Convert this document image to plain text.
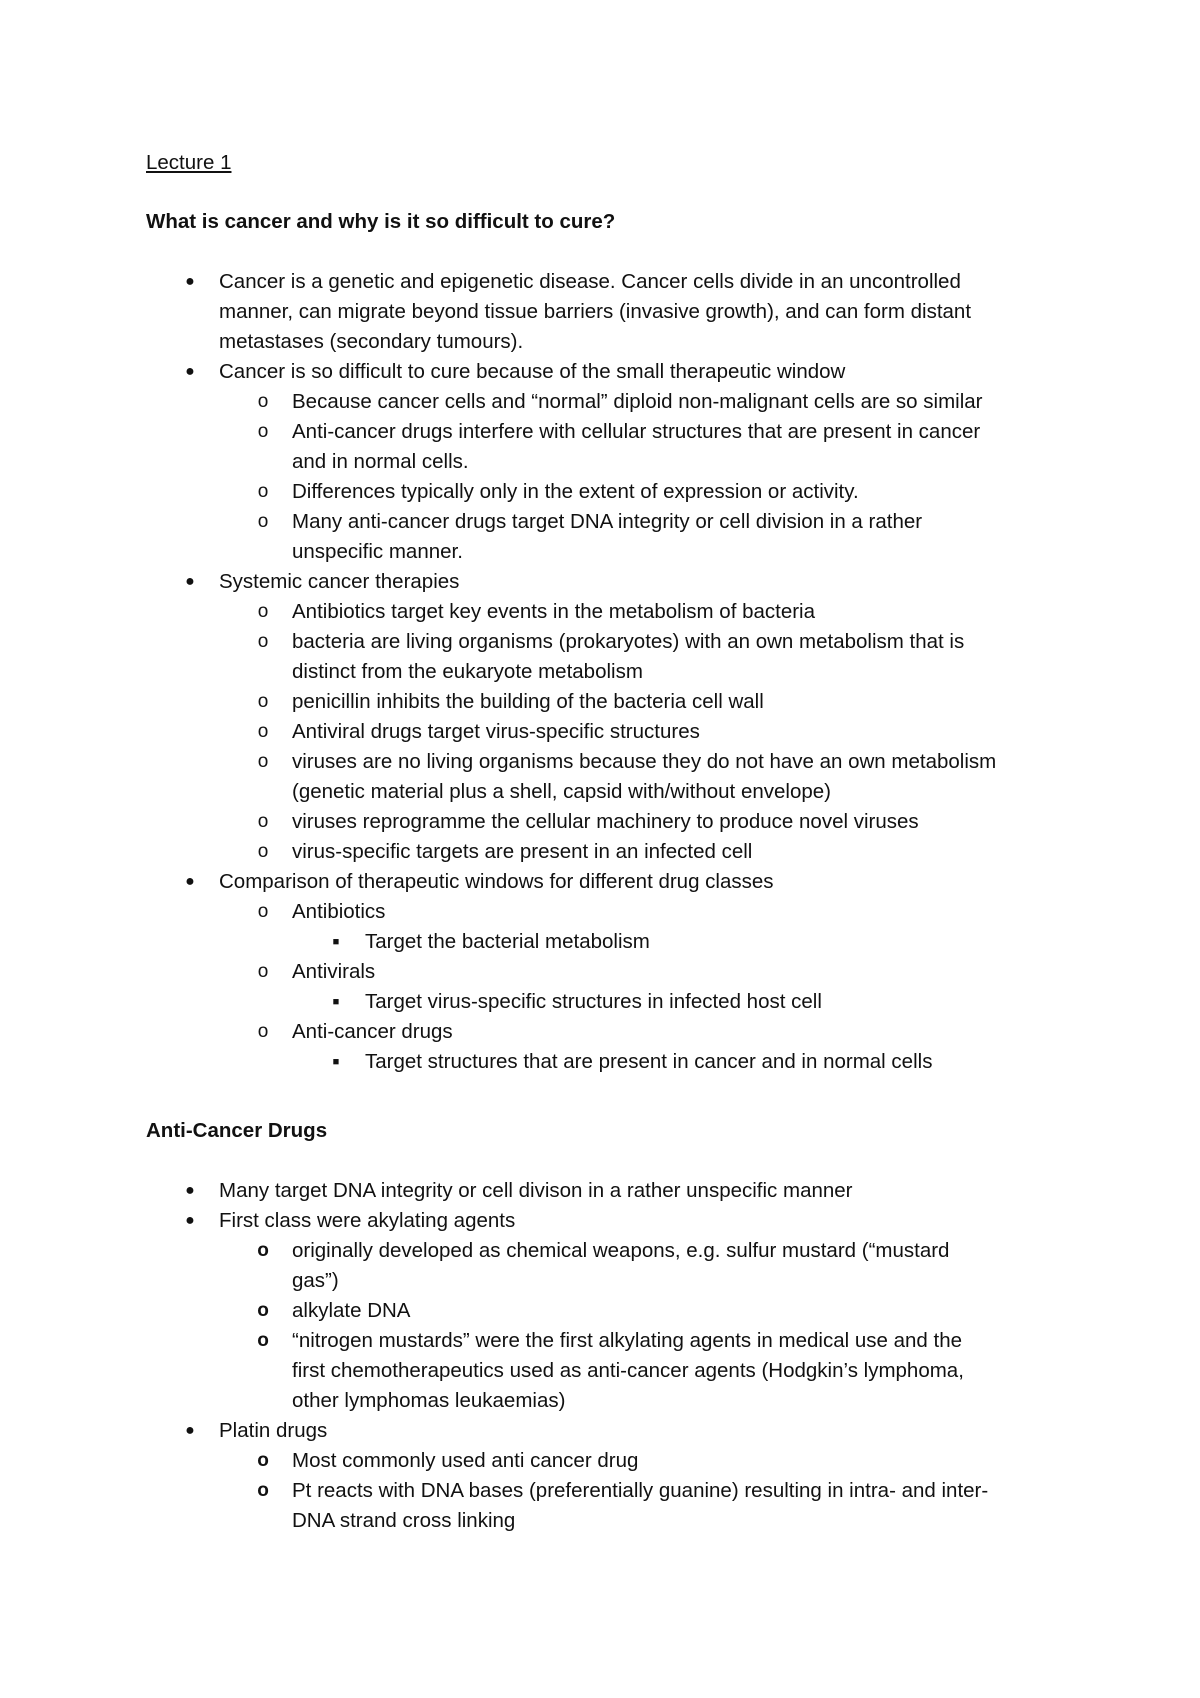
Lecture 1
What is cancer and why is it so difficult to cure?
● Cancer is a genetic and epigenetic disease. Cancer cells divide in an uncontrolled
manner, can migrate beyond tissue barriers (invasive growth), and can form distant
metastases (secondary tumours).
● Cancer is so difficult to cure because of the small therapeutic window
o Because cancer cells and “normal” diploid non-malignant cells are so similar
o Anti-cancer drugs interfere with cellular structures that are present in cancer
and in normal cells.
o Differences typically only in the extent of expression or activity.
o Many anti-cancer drugs target DNA integrity or cell division in a rather
unspecific manner.
● Systemic cancer therapies
o Antibiotics target key events in the metabolism of bacteria
o bacteria are living organisms (prokaryotes) with an own metabolism that is
distinct from the eukaryote metabolism
o penicillin inhibits the building of the bacteria cell wall
o Antiviral drugs target virus-specific structures
o viruses are no living organisms because they do not have an own metabolism
(genetic material plus a shell, capsid with/without envelope)
o viruses reprogramme the cellular machinery to produce novel viruses
o virus-specific targets are present in an infected cell
● Comparison of therapeutic windows for different drug classes
o Antibiotics
■	Target the bacterial metabolism
o Antivirals
■	Target virus-specific structures in infected host cell
o Anti-cancer drugs
■	Target structures that are present in cancer and in normal cells
Anti-Cancer Drugs
● Many target DNA integrity or cell divison in a rather unspecific manner
● First class were akylating agents
o originally developed as chemical weapons, e.g. sulfur mustard (“mustard
gas”)
o alkylate DNA
o “nitrogen mustards” were the first alkylating agents in medical use and the
first chemotherapeutics used as anti-cancer agents (Hodgkin’s lymphoma,
other lymphomas leukaemias)
● Platin drugs
o Most commonly used anti cancer drug
o Pt reacts with DNA bases (preferentially guanine) resulting in intra- and inter-
DNA strand cross linking
